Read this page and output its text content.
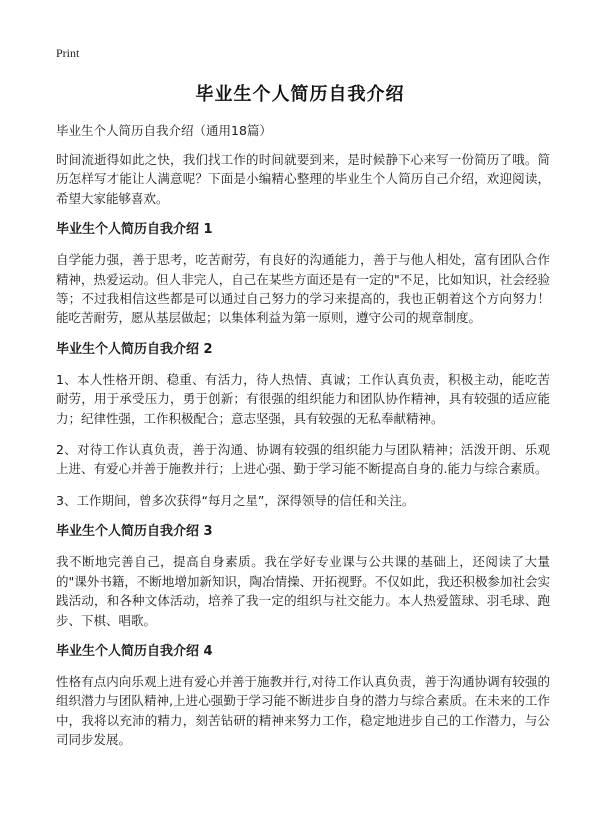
Print
毕业生个人简历自我介绍

毕业生个人简历自我介绍（通用18篇）

时间流逝得如此之快，我们找工作的时间就要到来，是时候静下心来写一份简历了哦。简历怎样写才能让人满意呢？下面是小编精心整理的毕业生个人简历自己介绍，欢迎阅读，希望大家能够喜欢。

毕业生个人简历自我介绍 1

自学能力强，善于思考，吃苦耐劳，有良好的沟通能力，善于与他人相处，富有团队合作精神，热爱运动。但人非完人，自己在某些方面还是有一定的"不足，比如知识，社会经验等；不过我相信这些都是可以通过自己努力的学习来提高的，我也正朝着这个方向努力！能吃苦耐劳，愿从基层做起；以集体利益为第一原则，遵守公司的规章制度。

毕业生个人简历自我介绍 2

1、本人性格开朗、稳重、有活力，待人热情、真诚；工作认真负责，积极主动，能吃苦耐劳，用于承受压力，勇于创新；有很强的组织能力和团队协作精神，具有较强的适应能力；纪律性强，工作积极配合；意志坚强，具有较强的无私奉献精神。

2、对待工作认真负责，善于沟通、协调有较强的组织能力与团队精神；活泼开朗、乐观上进、有爱心并善于施教并行；上进心强、勤于学习能不断提高自身的.能力与综合素质。

3、工作期间，曾多次获得“每月之星”，深得领导的信任和关注。

毕业生个人简历自我介绍 3

我不断地完善自己，提高自身素质。我在学好专业课与公共课的基础上，还阅读了大量的"课外书籍，不断地增加新知识，陶冶情操、开拓视野。不仅如此，我还积极参加社会实践活动，和各种文体活动，培养了我一定的组织与社交能力。本人热爱篮球、羽毛球、跑步、下棋、唱歌。

毕业生个人简历自我介绍 4

性格有点内向乐观上进有爱心并善于施教并行,对待工作认真负责，善于沟通协调有较强的组织潜力与团队精神,上进心强勤于学习能不断进步自身的潜力与综合素质。在未来的工作中，我将以充沛的精力，刻苦钻研的精神来努力工作，稳定地进步自己的工作潜力，与公司同步发展。
